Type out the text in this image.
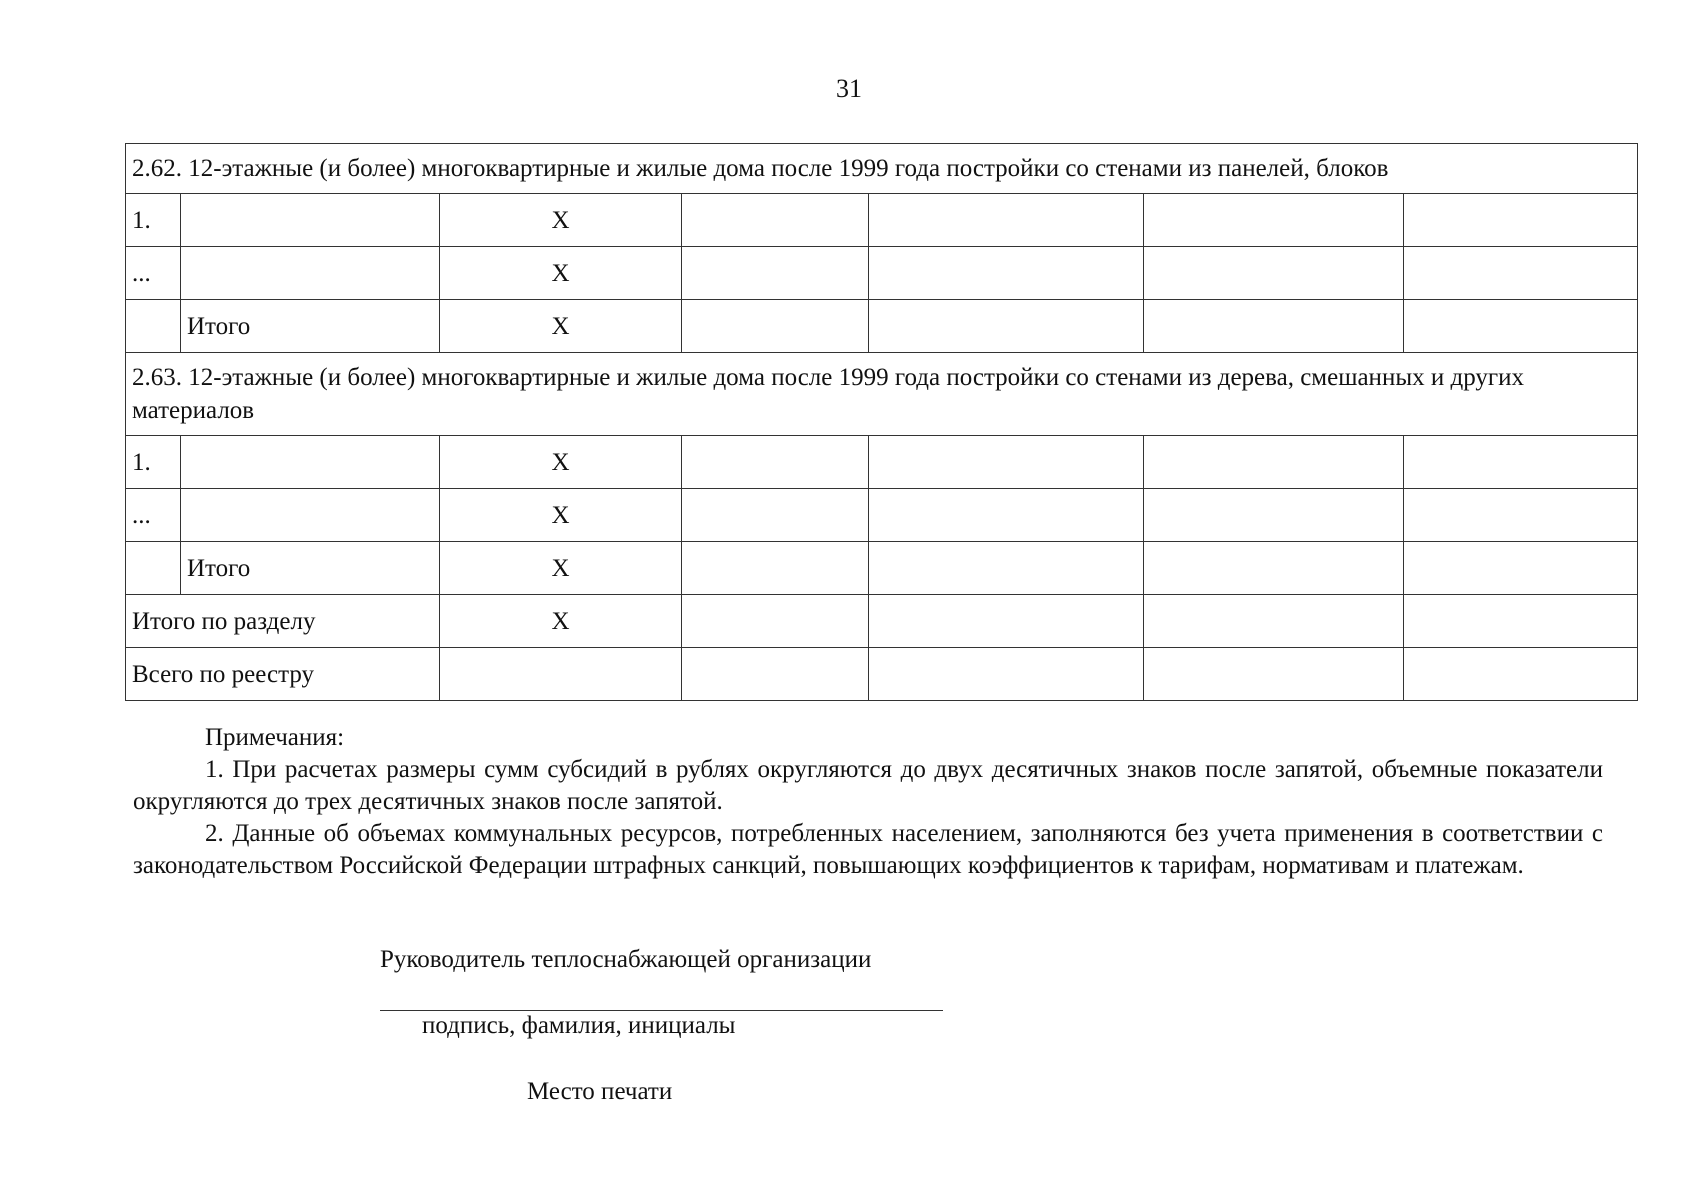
31
2.62. 12-этажные (и более) многоквартирные и жилые дома после 1999 года постройки со стенами из панелей, блоков						
1.		Х				
...		Х				
	Итого	Х				
2.63. 12-этажные (и более) многоквартирные и жилые дома после 1999 года постройки со стенами из дерева, смешанных и других материалов						
1.		Х				
...		Х				
	Итого	Х				
Итого по разделу		Х				
Всего по реестру						

Примечания:

1. При расчетах размеры сумм субсидий в рублях округляются до двух десятичных знаков после запятой, объемные показатели округляются до трех десятичных знаков после запятой.

2. Данные об объемах коммунальных ресурсов, потребленных населением, заполняются без учета применения в соответствии с законодательством Российской Федерации штрафных санкций, повышающих коэффициентов к тарифам, нормативам и платежам.

Руководитель теплоснабжающей организации

подпись, фамилия, инициалы
Место печати
